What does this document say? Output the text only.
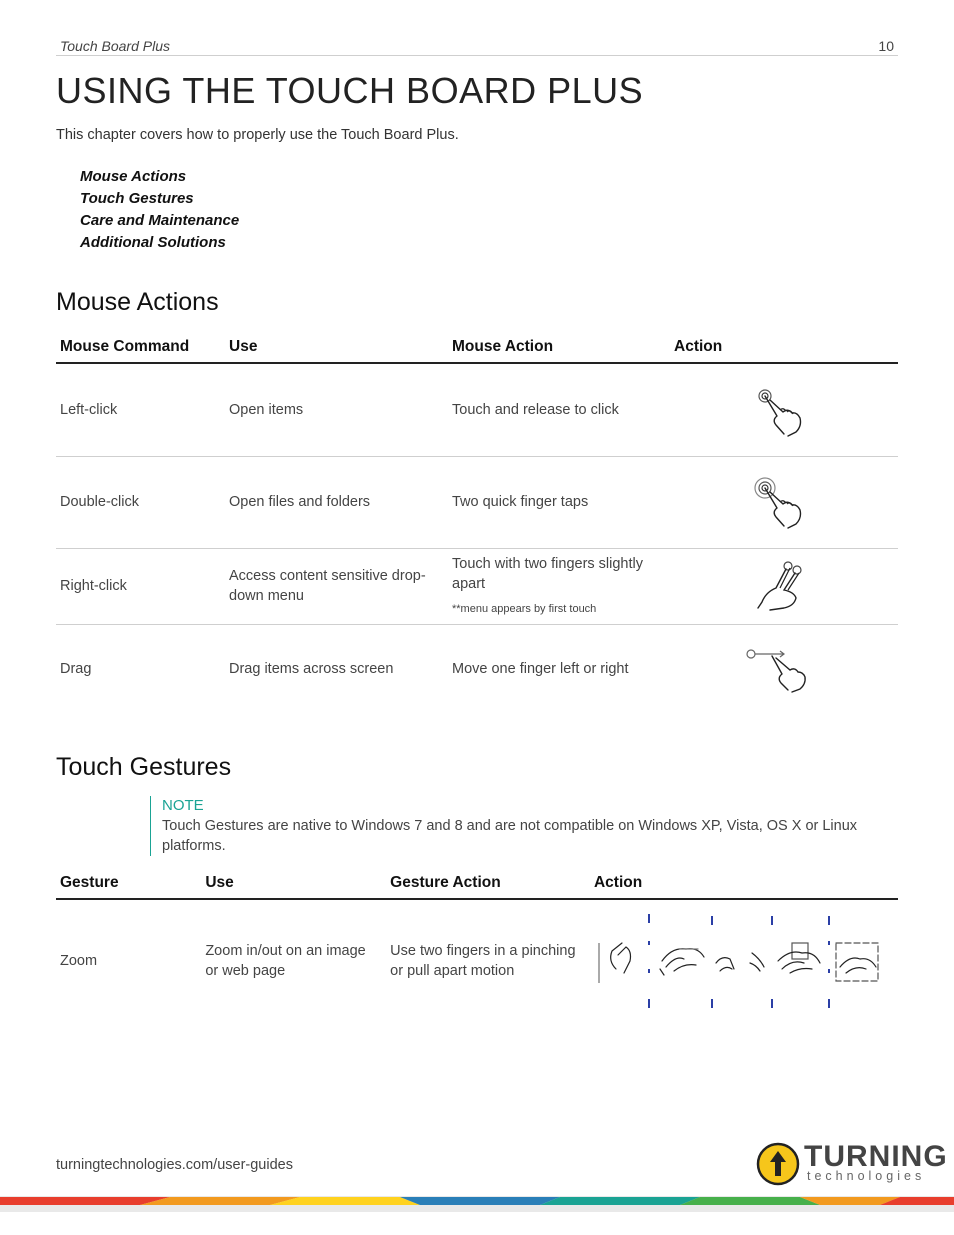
Touch Board Plus	10
USING THE TOUCH BOARD PLUS
This chapter covers how to properly use the Touch Board Plus.
Mouse Actions
Touch Gestures
Care and Maintenance
Additional Solutions
Mouse Actions
Mouse Command	Use	Mouse Action	Action
Left-click	Open items	Touch and release to click	

Double-click	Open files and folders	Two quick finger taps	

Right-click	Access content sensitive drop-down menu	Touch with two fingers slightly apart
**menu appears by first touch

Drag	Drag items across screen	Move one finger left or right	
Touch Gestures
NOTE
Touch Gestures are native to Windows 7 and 8 and are not compatible on Windows XP, Vista, OS X or Linux platforms.
Gesture	Use	Gesture Action	Action
Zoom	Zoom in/out on an image or web page	Use two fingers in a pinching or pull apart motion	
turningtechnologies.com/user-guides	TURNING
technologies
